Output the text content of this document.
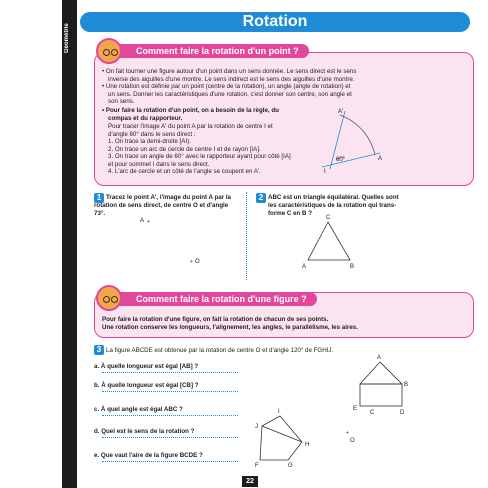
Géométrie
Rotation
Comment faire la rotation d'un point ?
• On fait tourner une figure autour d'un point dans un sens donnée. Le sens direct est le sens
inverse des aiguilles d'une montre. Le sens indirect est le sens des aiguilles d'une montre.
• Une rotation est définie par un point (centre de la rotation), un angle (angle de rotation) et
un sens. Donner les caractéristiques d'une rotation, c'est donner son centre, son angle et
son sens.
• Pour faire la rotation d'un point, on a besoin de la règle, du
compas et du rapporteur.
Pour tracer l'image A' du point A par la rotation de centre I et
d'angle 60° dans le sens direct :
1. On trace la demi-droite [AI).
2. On trace un arc de cercle de centre I et de rayon [IA].
3. On trace un angle de 60° avec le rapporteur ayant pour côté [IA]
et pour sommet I dans le sens direct.
4. L'arc de cercle et un côté de l'angle se coupent en A'.
A'
I
A
60°
1 Tracez le point A', l'image du point A par la
rotation de sens direct, de centre O et d'angle
73°.
A +
+ O
2 ABC est un triangle équilatéral. Quelles sont
les caractéristiques de la rotation qui trans-
forme C en B ?
C
A	B
Comment faire la rotation d'une figure ?
Pour faire la rotation d'une figure, on fait la rotation de chacun de ses points.
Une rotation conserve les longueurs, l'alignement, les angles, le parallélisme, les aires.
3 La figure ABCDE est obtenue par la rotation de centre O et d'angle 120° de FGHIJ.
a. À quelle longueur est égal [AB] ?
b. À quelle longueur est égal [CB] ?
c. À quel angle est égal ABC ?
d. Quel est le sens de la rotation ?
e. Que vaut l'aire de la figure BCDE ?
A
B
E
C	D
I
J
H
F	G
+
O
22
